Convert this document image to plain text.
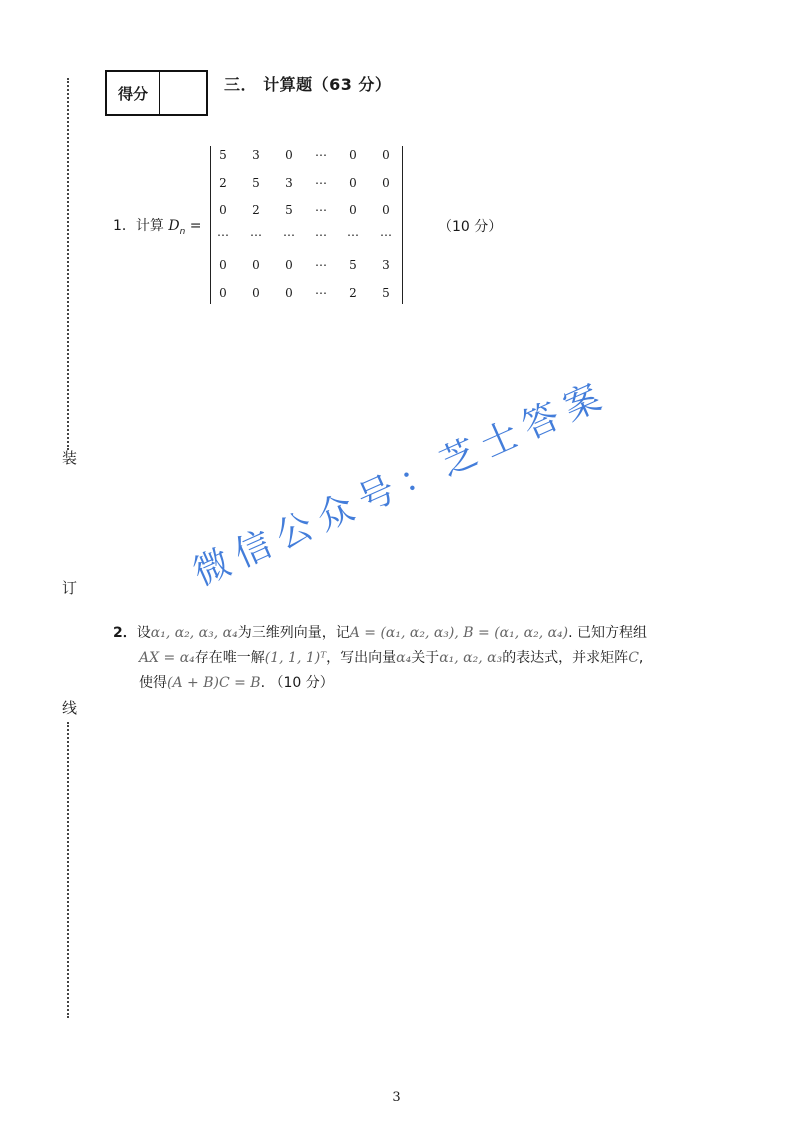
装
订
线
得分	三． 计算题（63 分）
1．计算 $D_n$ =
5	3	0	⋯	0	0
2	5	3	⋯	0	0
0	2	5	⋯	0	0
⋯	⋯	⋯	⋯	⋯	⋯
0	0	0	⋯	5	3
0	0	0	⋯	2	5
（10 分）
微信公众号：芝士答案
2．设α₁, α₂, α₃, α₄为三维列向量，记A = (α₁, α₂, α₃), B = (α₁, α₂, α₄). 已知方程组
AX = α₄存在唯一解(1, 1, 1)ᵀ，写出向量α₄关于α₁, α₂, α₃的表达式，并求矩阵C,
使得(A + B)C = B. （10 分）
3
